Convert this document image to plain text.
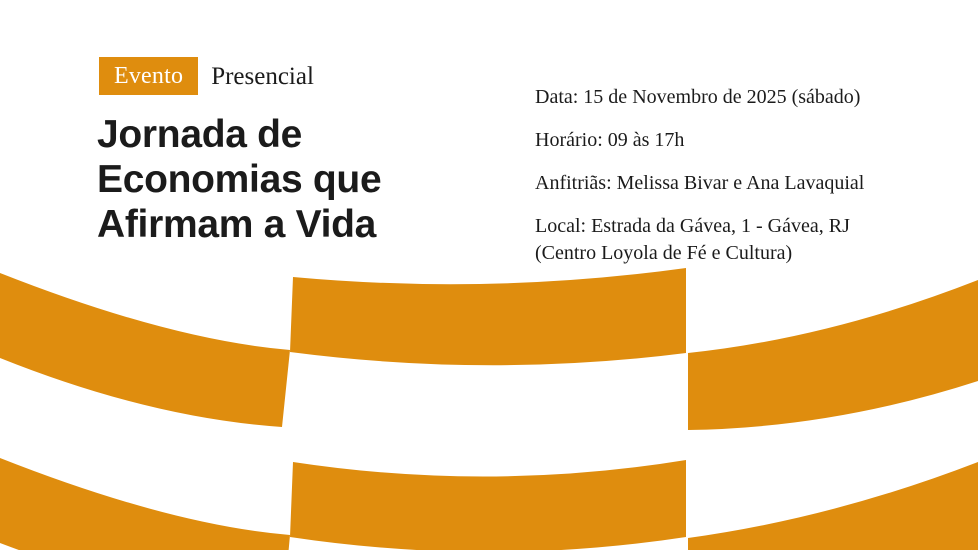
Evento Presencial
Jornada de Economias que Afirmam a Vida

Data: 15 de Novembro de 2025 (sábado)

Horário: 09 às 17h

Anfitriãs: Melissa Bivar e Ana Lavaquial

Local: Estrada da Gávea, 1 - Gávea, RJ

(Centro Loyola de Fé e Cultura)
